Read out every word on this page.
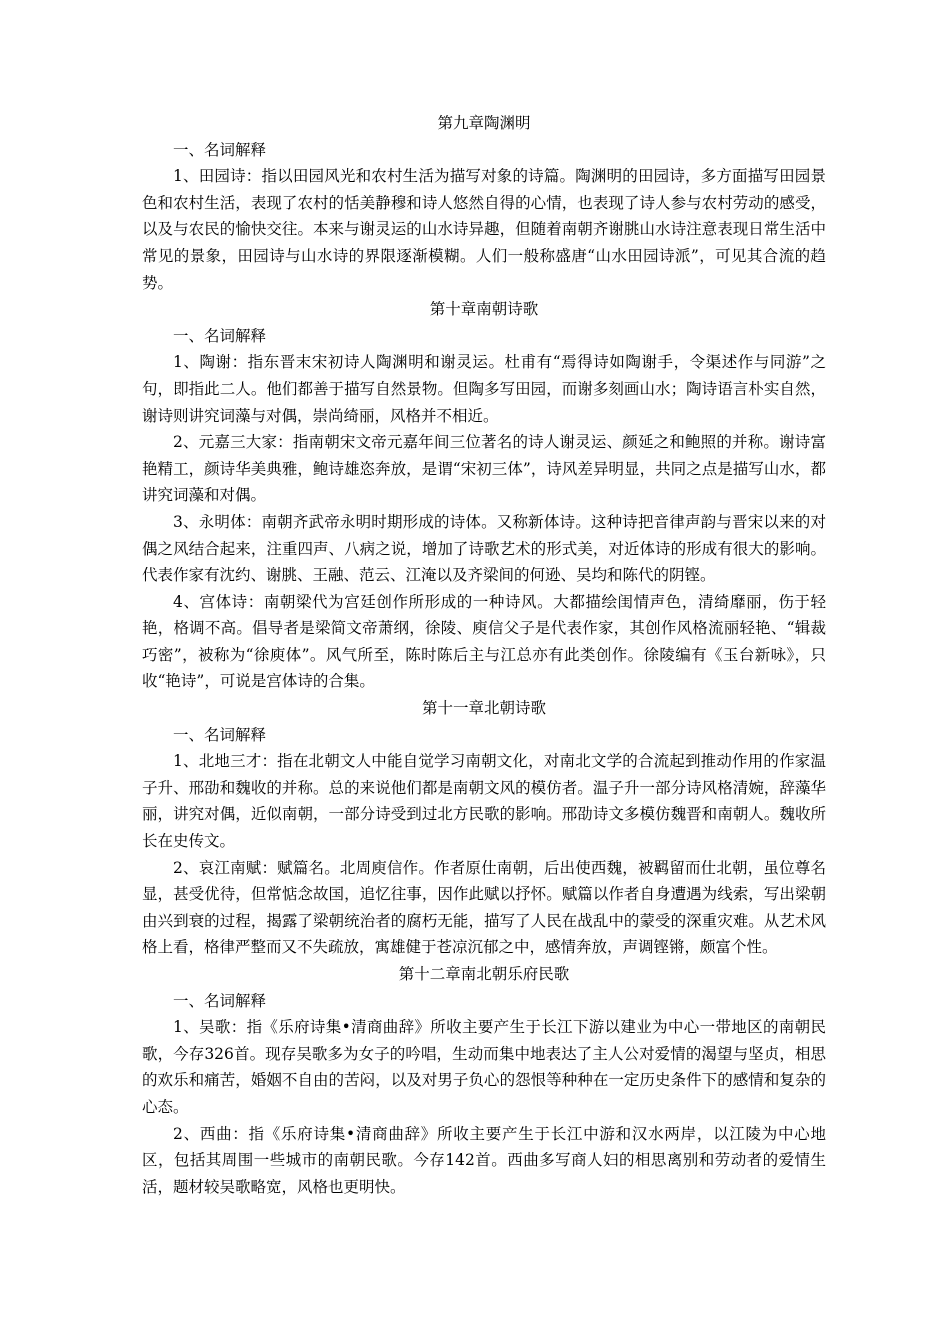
第九章陶渊明

一、名词解释

1、田园诗：指以田园风光和农村生活为描写对象的诗篇。陶渊明的田园诗，多方面描写田园景色和农村生活，表现了农村的恬美静穆和诗人悠然自得的心情，也表现了诗人参与农村劳动的感受，以及与农民的愉快交往。本来与谢灵运的山水诗异趣，但随着南朝齐谢朓山水诗注意表现日常生活中常见的景象，田园诗与山水诗的界限逐渐模糊。人们一般称盛唐“山水田园诗派”，可见其合流的趋势。

第十章南朝诗歌

一、名词解释

1、陶谢：指东晋末宋初诗人陶渊明和谢灵运。杜甫有“焉得诗如陶谢手，令渠述作与同游”之句，即指此二人。他们都善于描写自然景物。但陶多写田园，而谢多刻画山水；陶诗语言朴实自然，谢诗则讲究词藻与对偶，崇尚绮丽，风格并不相近。

2、元嘉三大家：指南朝宋文帝元嘉年间三位著名的诗人谢灵运、颜延之和鲍照的并称。谢诗富艳精工，颜诗华美典雅，鲍诗雄恣奔放，是谓“宋初三体”，诗风差异明显，共同之点是描写山水，都讲究词藻和对偶。

3、永明体：南朝齐武帝永明时期形成的诗体。又称新体诗。这种诗把音律声韵与晋宋以来的对偶之风结合起来，注重四声、八病之说，增加了诗歌艺术的形式美，对近体诗的形成有很大的影响。代表作家有沈约、谢朓、王融、范云、江淹以及齐梁间的何逊、吴均和陈代的阴铿。

4、宫体诗：南朝梁代为宫廷创作所形成的一种诗风。大都描绘闺情声色，清绮靡丽，伤于轻艳，格调不高。倡导者是梁简文帝萧纲，徐陵、庾信父子是代表作家，其创作风格流丽轻艳、“辑裁巧密”，被称为“徐庾体”。风气所至，陈时陈后主与江总亦有此类创作。徐陵编有《玉台新咏》，只收“艳诗”，可说是宫体诗的合集。

第十一章北朝诗歌

一、名词解释

1、北地三才：指在北朝文人中能自觉学习南朝文化，对南北文学的合流起到推动作用的作家温子升、邢劭和魏收的并称。总的来说他们都是南朝文风的模仿者。温子升一部分诗风格清婉，辞藻华丽，讲究对偶，近似南朝，一部分诗受到过北方民歌的影响。邢劭诗文多模仿魏晋和南朝人。魏收所长在史传文。

2、哀江南赋：赋篇名。北周庾信作。作者原仕南朝，后出使西魏，被羁留而仕北朝，虽位尊名显，甚受优待，但常惦念故国，追忆往事，因作此赋以抒怀。赋篇以作者自身遭遇为线索，写出梁朝由兴到衰的过程，揭露了梁朝统治者的腐朽无能，描写了人民在战乱中的蒙受的深重灾难。从艺术风格上看，格律严整而又不失疏放，寓雄健于苍凉沉郁之中，感情奔放，声调铿锵，颇富个性。

第十二章南北朝乐府民歌

一、名词解释

1、吴歌：指《乐府诗集•清商曲辞》所收主要产生于长江下游以建业为中心一带地区的南朝民歌，今存326首。现存吴歌多为女子的吟唱，生动而集中地表达了主人公对爱情的渴望与坚贞，相思的欢乐和痛苦，婚姻不自由的苦闷，以及对男子负心的怨恨等种种在一定历史条件下的感情和复杂的心态。

2、西曲：指《乐府诗集•清商曲辞》所收主要产生于长江中游和汉水两岸，以江陵为中心地区，包括其周围一些城市的南朝民歌。今存142首。西曲多写商人妇的相思离别和劳动者的爱情生活，题材较吴歌略宽，风格也更明快。
